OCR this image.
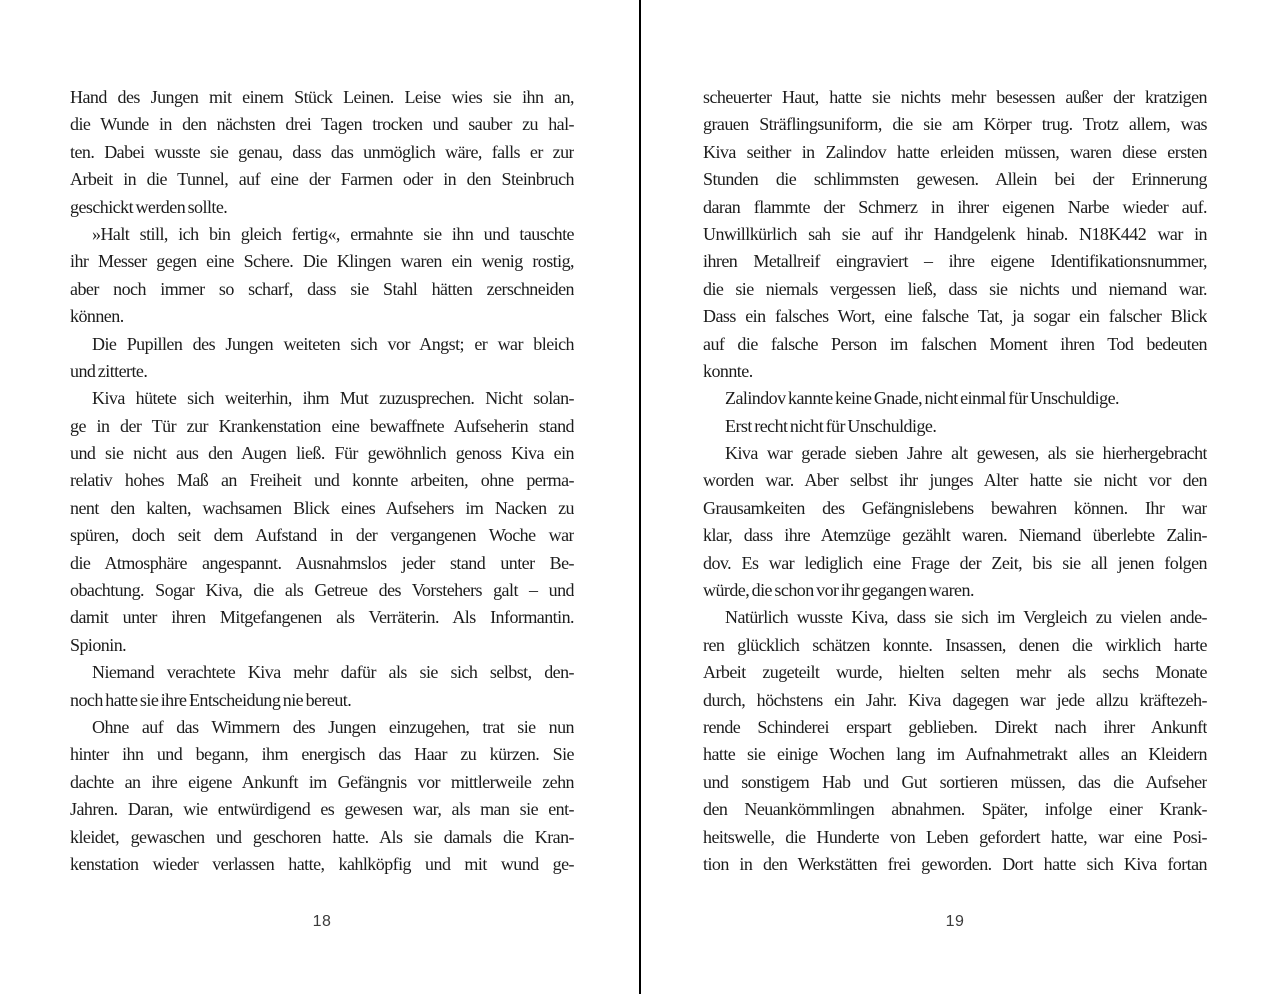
Hand des Jungen mit einem Stück Leinen. Leise wies sie ihn an,
die Wunde in den nächsten drei Tagen trocken und sauber zu hal-
ten. Dabei wusste sie genau, dass das unmöglich wäre, falls er zur
Arbeit in die Tunnel, auf eine der Farmen oder in den Steinbruch
geschickt werden sollte.
»Halt still, ich bin gleich fertig«, ermahnte sie ihn und tauschte
ihr Messer gegen eine Schere. Die Klingen waren ein wenig rostig,
aber noch immer so scharf, dass sie Stahl hätten zerschneiden
können.
Die Pupillen des Jungen weiteten sich vor Angst; er war bleich
und zitterte.
Kiva hütete sich weiterhin, ihm Mut zuzusprechen. Nicht solan-
ge in der Tür zur Krankenstation eine bewaffnete Aufseherin stand
und sie nicht aus den Augen ließ. Für gewöhnlich genoss Kiva ein
relativ hohes Maß an Freiheit und konnte arbeiten, ohne perma-
nent den kalten, wachsamen Blick eines Aufsehers im Nacken zu
spüren, doch seit dem Aufstand in der vergangenen Woche war
die Atmosphäre angespannt. Ausnahmslos jeder stand unter Be-
obachtung. Sogar Kiva, die als Getreue des Vorstehers galt – und
damit unter ihren Mitgefangenen als Verräterin. Als Informantin.
Spionin.
Niemand verachtete Kiva mehr dafür als sie sich selbst, den-
noch hatte sie ihre Entscheidung nie bereut.
Ohne auf das Wimmern des Jungen einzugehen, trat sie nun
hinter ihn und begann, ihm energisch das Haar zu kürzen. Sie
dachte an ihre eigene Ankunft im Gefängnis vor mittlerweile zehn
Jahren. Daran, wie entwürdigend es gewesen war, als man sie ent-
kleidet, gewaschen und geschoren hatte. Als sie damals die Kran-
kenstation wieder verlassen hatte, kahlköpfig und mit wund ge-
18
scheuerter Haut, hatte sie nichts mehr besessen außer der kratzigen
grauen Sträflingsuniform, die sie am Körper trug. Trotz allem, was
Kiva seither in Zalindov hatte erleiden müssen, waren diese ersten
Stunden die schlimmsten gewesen. Allein bei der Erinnerung
daran flammte der Schmerz in ihrer eigenen Narbe wieder auf.
Unwillkürlich sah sie auf ihr Handgelenk hinab. N18K442 war in
ihren Metallreif eingraviert – ihre eigene Identifikationsnummer,
die sie niemals vergessen ließ, dass sie nichts und niemand war.
Dass ein falsches Wort, eine falsche Tat, ja sogar ein falscher Blick
auf die falsche Person im falschen Moment ihren Tod bedeuten
konnte.
Zalindov kannte keine Gnade, nicht einmal für Unschuldige.
Erst recht nicht für Unschuldige.
Kiva war gerade sieben Jahre alt gewesen, als sie hierhergebracht
worden war. Aber selbst ihr junges Alter hatte sie nicht vor den
Grausamkeiten des Gefängnislebens bewahren können. Ihr war
klar, dass ihre Atemzüge gezählt waren. Niemand überlebte Zalin-
dov. Es war lediglich eine Frage der Zeit, bis sie all jenen folgen
würde, die schon vor ihr gegangen waren.
Natürlich wusste Kiva, dass sie sich im Vergleich zu vielen ande-
ren glücklich schätzen konnte. Insassen, denen die wirklich harte
Arbeit zugeteilt wurde, hielten selten mehr als sechs Monate
durch, höchstens ein Jahr. Kiva dagegen war jede allzu kräftezeh-
rende Schinderei erspart geblieben. Direkt nach ihrer Ankunft
hatte sie einige Wochen lang im Aufnahmetrakt alles an Kleidern
und sonstigem Hab und Gut sortieren müssen, das die Aufseher
den Neuankömmlingen abnahmen. Später, infolge einer Krank-
heitswelle, die Hunderte von Leben gefordert hatte, war eine Posi-
tion in den Werkstätten frei geworden. Dort hatte sich Kiva fortan
19
